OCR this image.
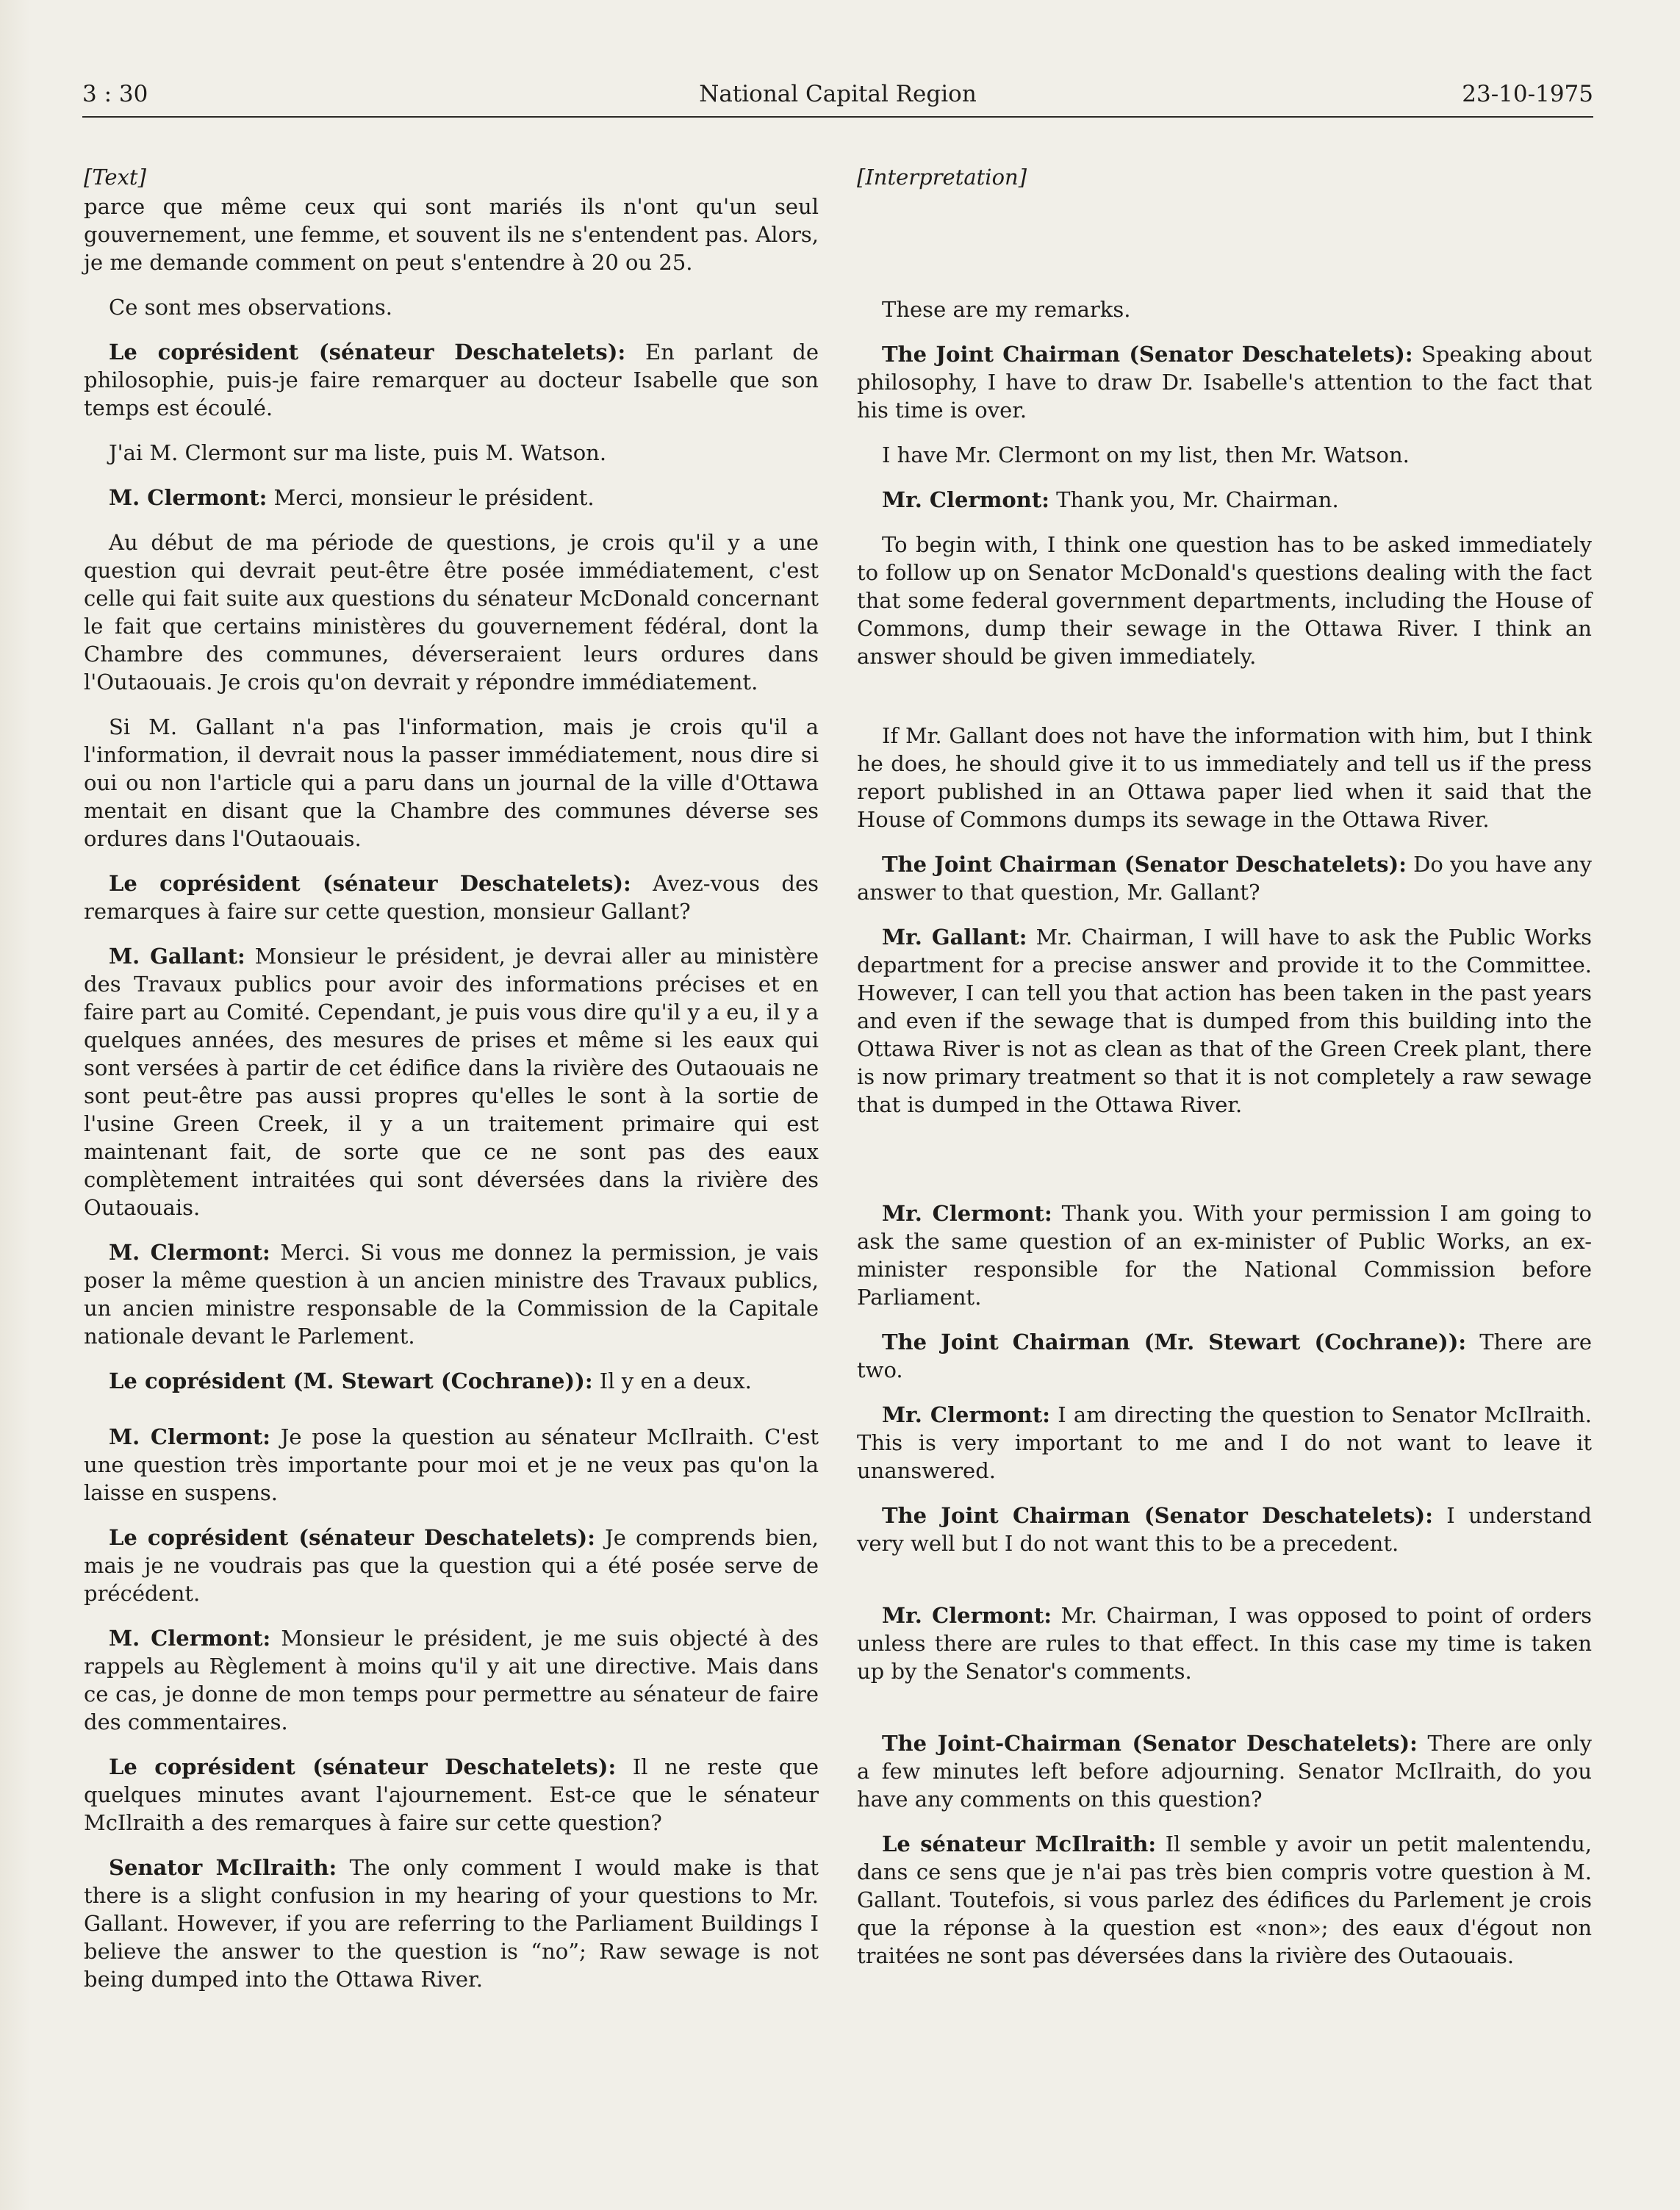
3 : 30	National Capital Region	23-10-1975
[Text]

parce que même ceux qui sont mariés ils n'ont qu'un seul gouvernement, une femme, et souvent ils ne s'entendent pas. Alors, je me demande comment on peut s'entendre à 20 ou 25.

Ce sont mes observations.

Le coprésident (sénateur Deschatelets): En parlant de philosophie, puis-je faire remarquer au docteur Isabelle que son temps est écoulé.

J'ai M. Clermont sur ma liste, puis M. Watson.

M. Clermont: Merci, monsieur le président.

Au début de ma période de questions, je crois qu'il y a une question qui devrait peut-être être posée immédiatement, c'est celle qui fait suite aux questions du sénateur McDonald concernant le fait que certains ministères du gouvernement fédéral, dont la Chambre des communes, déverseraient leurs ordures dans l'Outaouais. Je crois qu'on devrait y répondre immédiatement.

Si M. Gallant n'a pas l'information, mais je crois qu'il a l'information, il devrait nous la passer immédiatement, nous dire si oui ou non l'article qui a paru dans un journal de la ville d'Ottawa mentait en disant que la Chambre des communes déverse ses ordures dans l'Outaouais.

Le coprésident (sénateur Deschatelets): Avez-vous des remarques à faire sur cette question, monsieur Gallant?

M. Gallant: Monsieur le président, je devrai aller au ministère des Travaux publics pour avoir des informations précises et en faire part au Comité. Cependant, je puis vous dire qu'il y a eu, il y a quelques années, des mesures de prises et même si les eaux qui sont versées à partir de cet édifice dans la rivière des Outaouais ne sont peut-être pas aussi propres qu'elles le sont à la sortie de l'usine Green Creek, il y a un traitement primaire qui est maintenant fait, de sorte que ce ne sont pas des eaux complètement intraitées qui sont déversées dans la rivière des Outaouais.

M. Clermont: Merci. Si vous me donnez la permission, je vais poser la même question à un ancien ministre des Travaux publics, un ancien ministre responsable de la Commission de la Capitale nationale devant le Parlement.

Le coprésident (M. Stewart (Cochrane)): Il y en a deux.

M. Clermont: Je pose la question au sénateur McIlraith. C'est une question très importante pour moi et je ne veux pas qu'on la laisse en suspens.

Le coprésident (sénateur Deschatelets): Je comprends bien, mais je ne voudrais pas que la question qui a été posée serve de précédent.

M. Clermont: Monsieur le président, je me suis objecté à des rappels au Règlement à moins qu'il y ait une directive. Mais dans ce cas, je donne de mon temps pour permettre au sénateur de faire des commentaires.

Le coprésident (sénateur Deschatelets): Il ne reste que quelques minutes avant l'ajournement. Est-ce que le sénateur McIlraith a des remarques à faire sur cette question?

Senator McIlraith: The only comment I would make is that there is a slight confusion in my hearing of your questions to Mr. Gallant. However, if you are referring to the Parliament Buildings I believe the answer to the question is “no”; Raw sewage is not being dumped into the Ottawa River.

[Interpretation]

These are my remarks.

The Joint Chairman (Senator Deschatelets): Speaking about philosophy, I have to draw Dr. Isabelle's attention to the fact that his time is over.

I have Mr. Clermont on my list, then Mr. Watson.

Mr. Clermont: Thank you, Mr. Chairman.

To begin with, I think one question has to be asked immediately to follow up on Senator McDonald's questions dealing with the fact that some federal government departments, including the House of Commons, dump their sewage in the Ottawa River. I think an answer should be given immediately.

If Mr. Gallant does not have the information with him, but I think he does, he should give it to us immediately and tell us if the press report published in an Ottawa paper lied when it said that the House of Commons dumps its sewage in the Ottawa River.

The Joint Chairman (Senator Deschatelets): Do you have any answer to that question, Mr. Gallant?

Mr. Gallant: Mr. Chairman, I will have to ask the Public Works department for a precise answer and provide it to the Committee. However, I can tell you that action has been taken in the past years and even if the sewage that is dumped from this building into the Ottawa River is not as clean as that of the Green Creek plant, there is now primary treatment so that it is not completely a raw sewage that is dumped in the Ottawa River.

Mr. Clermont: Thank you. With your permission I am going to ask the same question of an ex-minister of Public Works, an ex-minister responsible for the National Commission before Parliament.

The Joint Chairman (Mr. Stewart (Cochrane)): There are two.

Mr. Clermont: I am directing the question to Senator McIlraith. This is very important to me and I do not want to leave it unanswered.

The Joint Chairman (Senator Deschatelets): I understand very well but I do not want this to be a precedent.

Mr. Clermont: Mr. Chairman, I was opposed to point of orders unless there are rules to that effect. In this case my time is taken up by the Senator's comments.

The Joint-Chairman (Senator Deschatelets): There are only a few minutes left before adjourning. Senator McIlraith, do you have any comments on this question?

Le sénateur McIlraith: Il semble y avoir un petit malentendu, dans ce sens que je n'ai pas très bien compris votre question à M. Gallant. Toutefois, si vous parlez des édifices du Parlement je crois que la réponse à la question est «non»; des eaux d'égout non traitées ne sont pas déversées dans la rivière des Outaouais.
